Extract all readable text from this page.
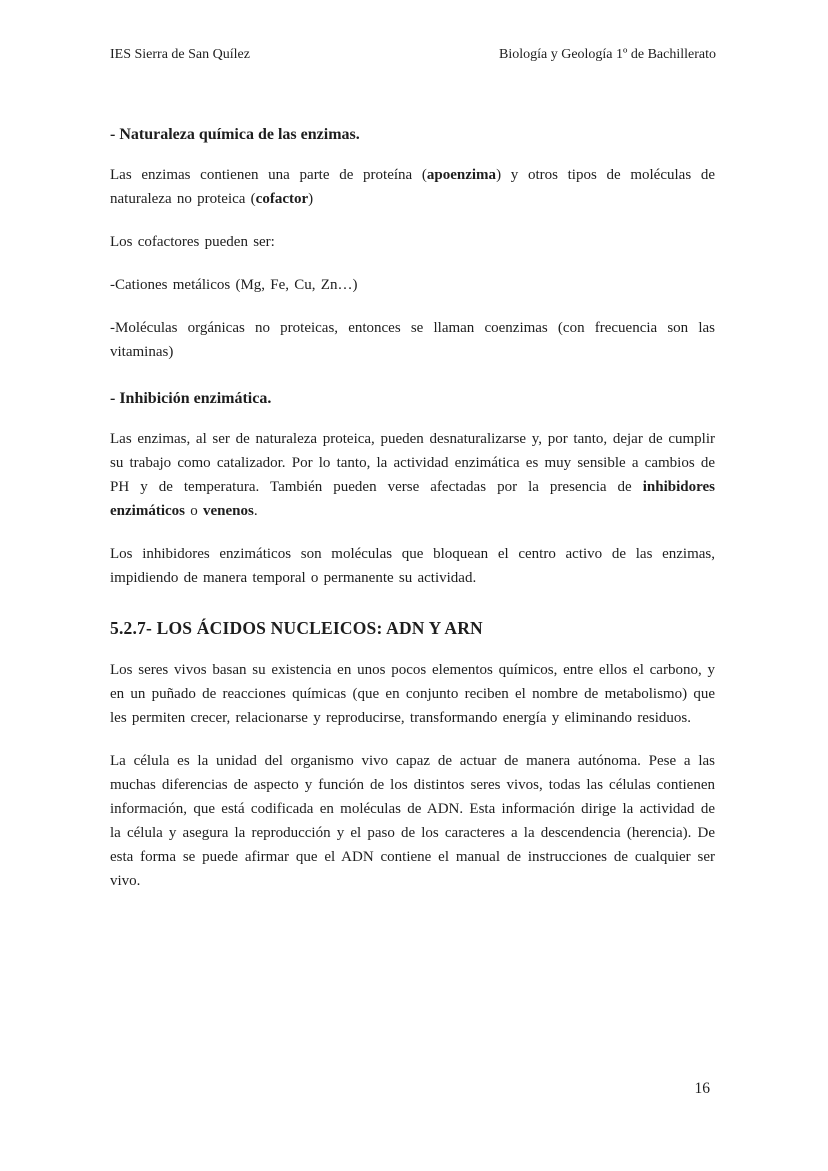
IES Sierra de San Quílez	Biología y Geología 1º de Bachillerato
- Naturaleza química de las enzimas.

Las enzimas contienen una parte de proteína (apoenzima) y otros tipos de moléculas de naturaleza no proteica (cofactor)

Los cofactores pueden ser:

-Cationes metálicos (Mg, Fe, Cu, Zn…)

-Moléculas orgánicas no proteicas, entonces se llaman coenzimas (con frecuencia son las vitaminas)

- Inhibición enzimática.

Las enzimas, al ser de naturaleza proteica, pueden desnaturalizarse y, por tanto, dejar de cumplir su trabajo como catalizador. Por lo tanto, la actividad enzimática es muy sensible a cambios de PH y de temperatura. También pueden verse afectadas por la presencia de inhibidores enzimáticos o venenos.

Los inhibidores enzimáticos son moléculas que bloquean el centro activo de las enzimas, impidiendo de manera temporal o permanente su actividad.

5.2.7- LOS ÁCIDOS NUCLEICOS: ADN Y ARN

Los seres vivos basan su existencia en unos pocos elementos químicos, entre ellos el carbono, y en un puñado de reacciones químicas (que en conjunto reciben el nombre de metabolismo) que les permiten crecer, relacionarse y reproducirse, transformando energía y eliminando residuos.

La célula es la unidad del organismo vivo capaz de actuar de manera autónoma. Pese a las muchas diferencias de aspecto y función de los distintos seres vivos, todas las células contienen información, que está codificada en moléculas de ADN. Esta información dirige la actividad de la célula y asegura la reproducción y el paso de los caracteres a la descendencia (herencia). De esta forma se puede afirmar que el ADN contiene el manual de instrucciones de cualquier ser vivo.

16
